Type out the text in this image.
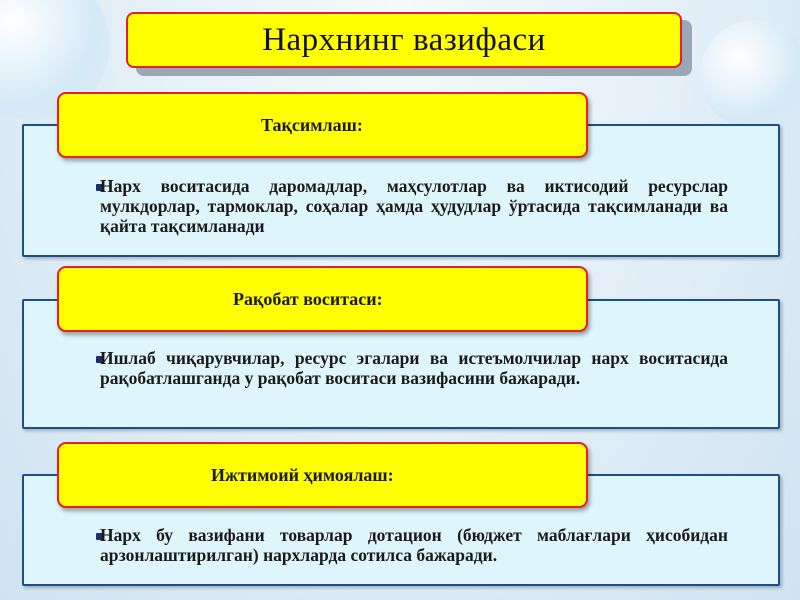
Нархнинг вазифаси
Нарх воситасида даромадлар, маҳсулотлар ва иктисодий ресурслар мулкдорлар, тармоклар, соҳалар ҳамда ҳудудлар ўртасида тақсимланади ва қайта тақсимланади
Тақсимлаш:
Ишлаб чиқарувчилар, ресурс эгалари ва истеъмолчилар нарх воситасида рақобатлашганда у рақобат воситаси вазифасини бажаради.
Рақобат воситаси:
Нарх бу вазифани товарлар дотацион (бюджет маблағлари ҳисобидан арзонлаштирилган) нархларда сотилса бажаради.
Ижтимоий ҳимоялаш:
